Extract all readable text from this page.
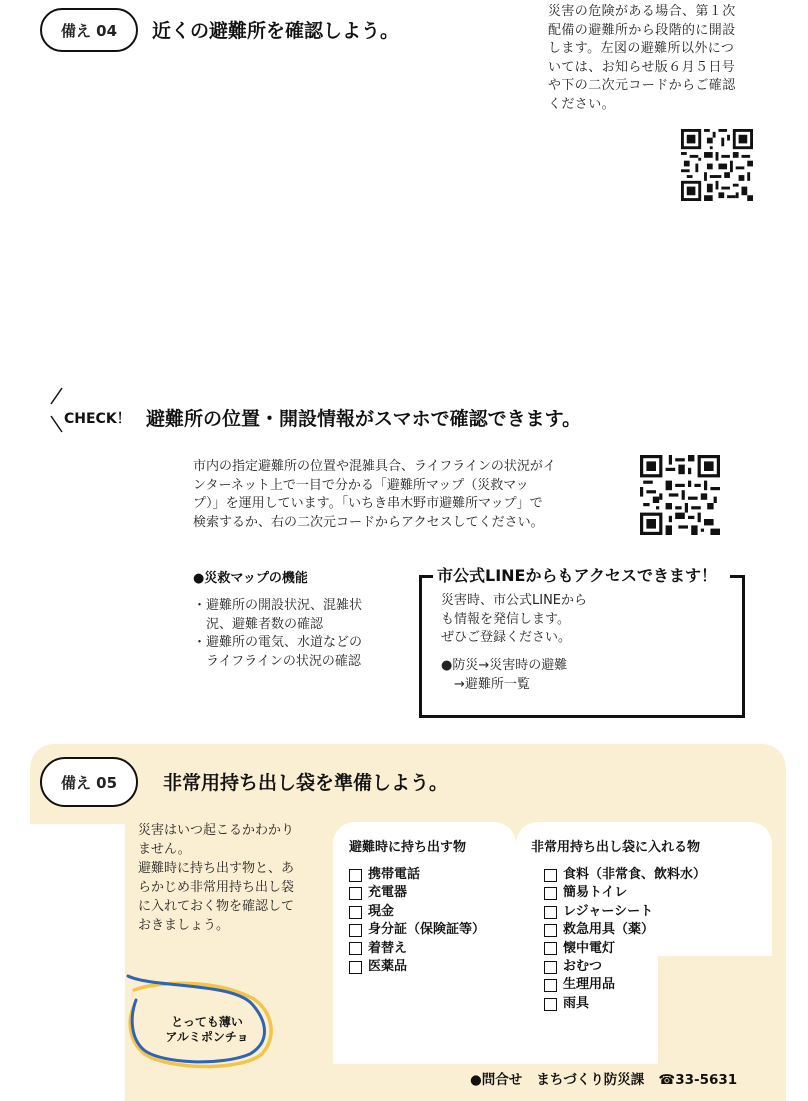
備え 04 近くの避難所を確認しよう。
災害の危険がある場合、第１次
配備の避難所から段階的に開設
します。左図の避難所以外につ
いては、お知らせ版６月５日号
や下の二次元コードからご確認
ください。
CHECK！ 避難所の位置・開設情報がスマホで確認できます。
市内の指定避難所の位置や混雑具合、ライフラインの状況がイ
ンターネット上で一目で分かる「避難所マップ（災救マッ
プ）」を運用しています。「いちき串木野市避難所マップ」で
検索するか、右の二次元コードからアクセスしてください。
●災救マップの機能
・避難所の開設状況、混雑状
　況、避難者数の確認
・避難所の電気、水道などの
　ライフラインの状況の確認
市公式LINEからもアクセスできます！
災害時、市公式LINEから
も情報を発信します。
ぜひご登録ください。
●防災→災害時の避難
　→避難所一覧
備え 05 非常用持ち出し袋を準備しよう。
災害はいつ起こるかわかり
ません。
避難時に持ち出す物と、あ
らかじめ非常用持ち出し袋
に入れておく物を確認して
おきましょう。
とっても薄い
アルミポンチョ
避難時に持ち出す物
携帯電話
充電器
現金
身分証（保険証等）
着替え
医薬品
非常用持ち出し袋に入れる物
食料（非常食、飲料水）
簡易トイレ
レジャーシート
救急用具（薬）
懐中電灯
おむつ
生理用品
雨具
●問合せ まちづくり防災課 ☎33-5631
